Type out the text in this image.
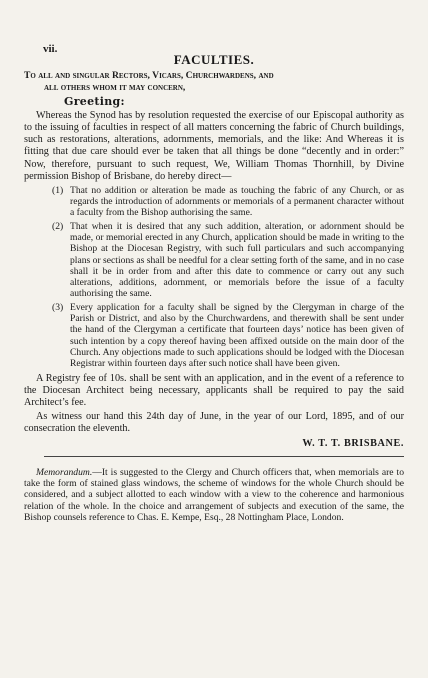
vii.
FACULTIES.
To all and singular Rectors, Vicars, Churchwardens, and
all others whom it may concern,
Greeting:

Whereas the Synod has by resolution requested the exercise of our Episcopal authority as to the issuing of faculties in respect of all matters concerning the fabric of Church buildings, such as restorations, alterations, adornments, memorials, and the like: And Whereas it is fitting that due care should ever be taken that all things be done “decently and in order:” Now, therefore, pursuant to such request, We, William Thomas Thornhill, by Divine permission Bishop of Brisbane, do hereby direct—

(1) That no addition or alteration be made as touching the fabric of any Church, or as regards the introduction of adornments or memorials of a permanent character without a faculty from the Bishop authorising the same.
(2) That when it is desired that any such addition, alteration, or adornment should be made, or memorial erected in any Church, application should be made in writing to the Bishop at the Diocesan Registry, with such full particulars and such accompanying plans or sections as shall be needful for a clear setting forth of the same, and in no case shall it be in order from and after this date to commence or carry out any such alterations, additions, adornment, or memorials before the issue of a faculty authorising the same.
(3) Every application for a faculty shall be signed by the Clergyman in charge of the Parish or District, and also by the Churchwardens, and therewith shall be sent under the hand of the Clergyman a certificate that fourteen days’ notice has been given of such intention by a copy thereof having been affixed outside on the main door of the Church. Any objections made to such applications should be lodged with the Diocesan Registrar within fourteen days after such notice shall have been given.

A Registry fee of 10s. shall be sent with an application, and in the event of a reference to the Diocesan Architect being necessary, applicants shall be required to pay the said Architect’s fee.

As witness our hand this 24th day of June, in the year of our Lord, 1895, and of our consecration the eleventh.

W. T. T. BRISBANE.

Memorandum.—It is suggested to the Clergy and Church officers that, when memorials are to take the form of stained glass windows, the scheme of windows for the whole Church should be considered, and a subject allotted to each window with a view to the coherence and harmonious relation of the whole. In the choice and arrangement of subjects and execution of the same, the Bishop counsels reference to Chas. E. Kempe, Esq., 28 Nottingham Place, London.
